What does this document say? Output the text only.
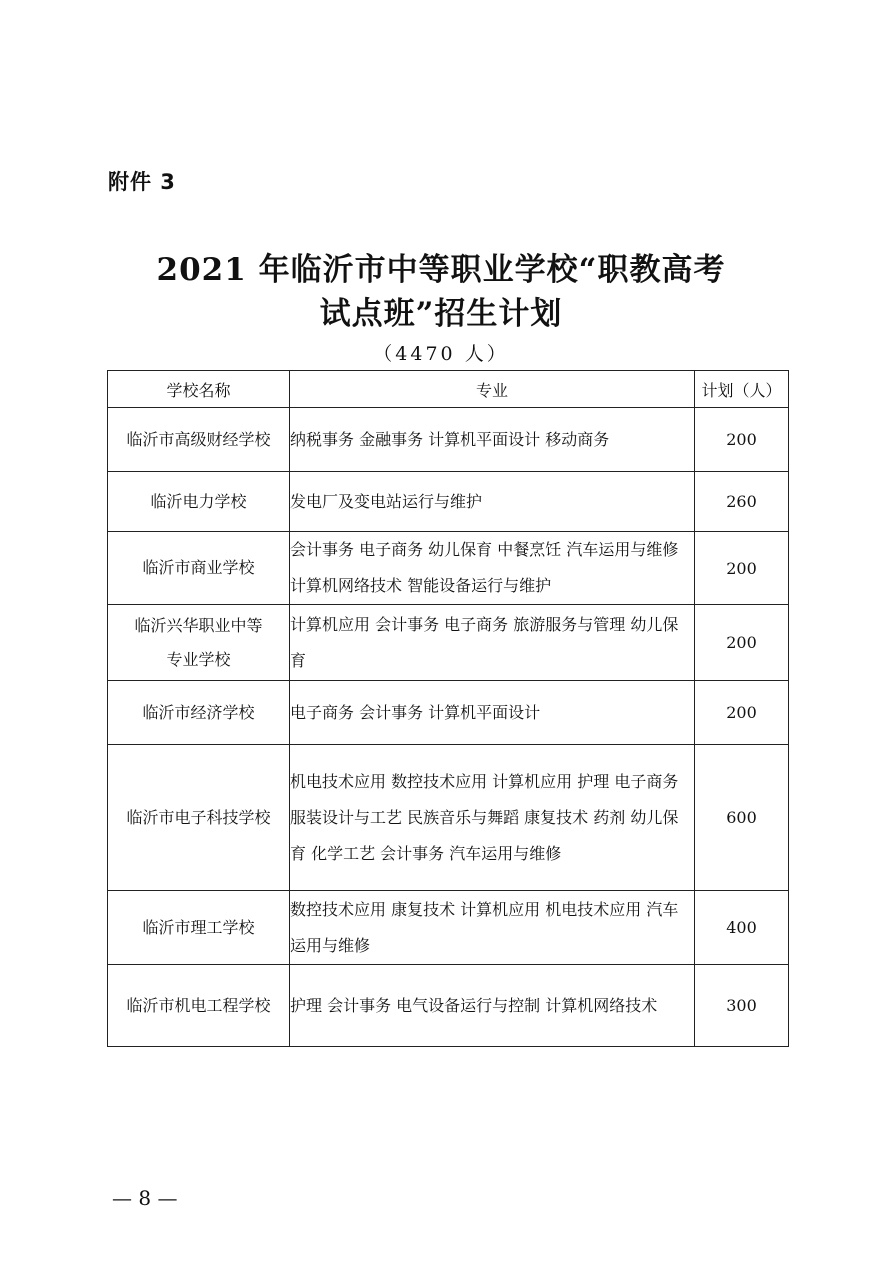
附件 3
2021 年临沂市中等职业学校“职教高考
试点班”招生计划
（4470 人）
学校名称	专业	计划（人）
临沂市高级财经学校	纳税事务 金融事务 计算机平面设计 移动商务	200
临沂电力学校	发电厂及变电站运行与维护	260
临沂市商业学校	会计事务 电子商务 幼儿保育 中餐烹饪 汽车运用与维修 计算机网络技术 智能设备运行与维护	200
临沂兴华职业中等专业学校	计算机应用 会计事务 电子商务 旅游服务与管理 幼儿保育	200
临沂市经济学校	电子商务 会计事务 计算机平面设计	200
临沂市电子科技学校	机电技术应用 数控技术应用 计算机应用 护理 电子商务 服装设计与工艺 民族音乐与舞蹈 康复技术 药剂 幼儿保育 化学工艺 会计事务 汽车运用与维修	600
临沂市理工学校	数控技术应用 康复技术 计算机应用 机电技术应用 汽车运用与维修	400
临沂市机电工程学校	护理 会计事务 电气设备运行与控制 计算机网络技术	300
— 8 —
